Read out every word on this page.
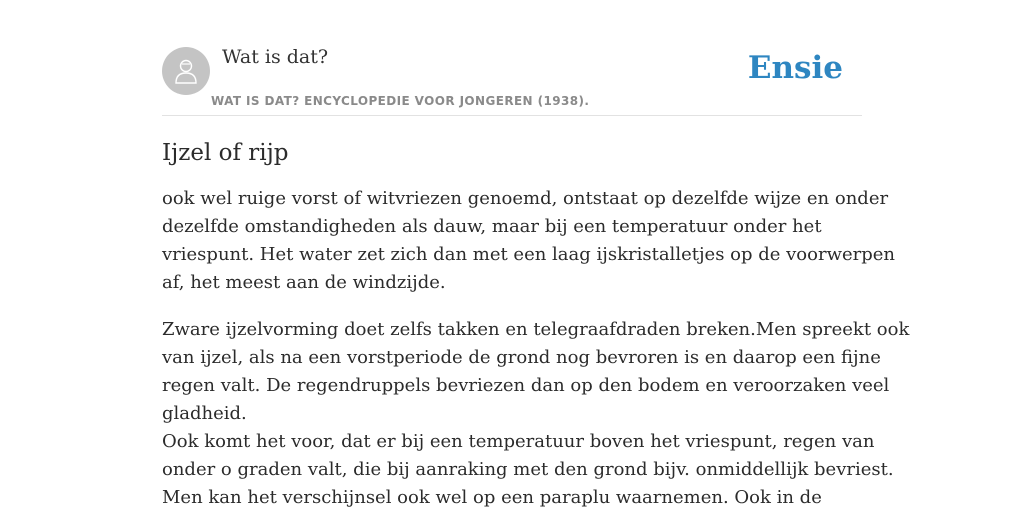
Wat is dat?
WAT IS DAT? ENCYCLOPEDIE VOOR JONGEREN (1938).
Ensie
Ijzel of rijp

ook wel ruige vorst of witvriezen genoemd, ontstaat op dezelfde wijze en onder
dezelfde omstandigheden als dauw, maar bij een temperatuur onder het
vriespunt. Het water zet zich dan met een laag ijskristalletjes op de voorwerpen
af, het meest aan de windzijde.

Zware ijzelvorming doet zelfs takken en telegraafdraden breken.Men spreekt ook
van ijzel, als na een vorstperiode de grond nog bevroren is en daarop een fijne
regen valt. De regendruppels bevriezen dan op den bodem en veroorzaken veel
gladheid.
Ook komt het voor, dat er bij een temperatuur boven het vriespunt, regen van
onder o graden valt, die bij aanraking met den grond bijv. onmiddellijk bevriest.
Men kan het verschijnsel ook wel op een paraplu waarnemen. Ook in de
